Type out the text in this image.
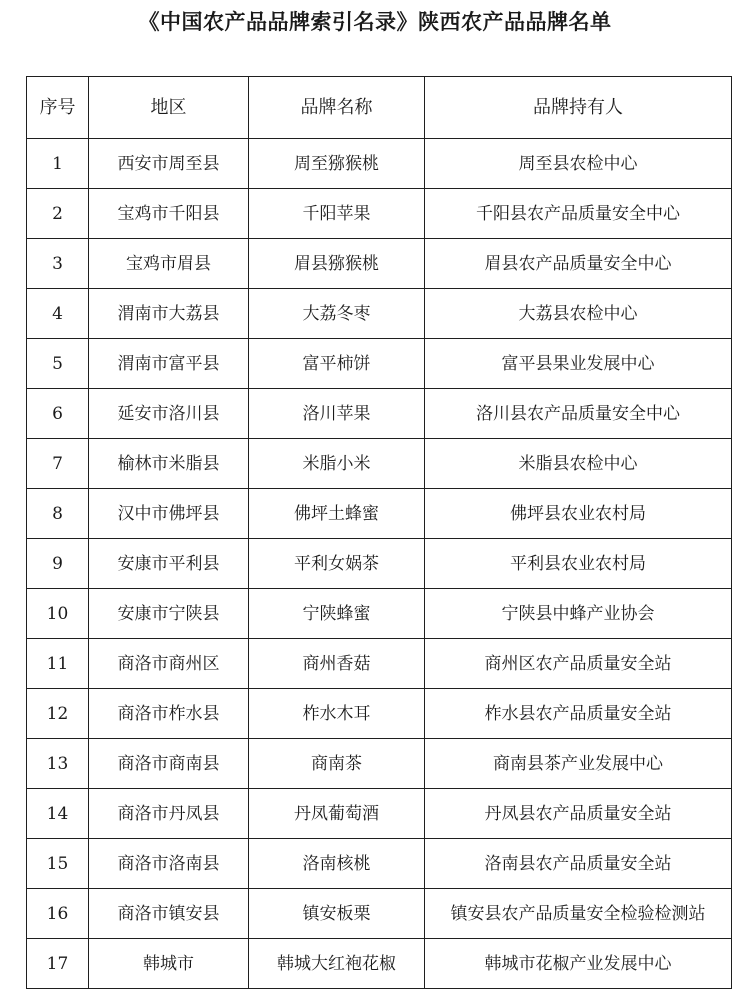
《中国农产品品牌索引名录》陕西农产品品牌名单
序号	地区	品牌名称	品牌持有人
1	西安市周至县	周至猕猴桃	周至县农检中心
2	宝鸡市千阳县	千阳苹果	千阳县农产品质量安全中心
3	宝鸡市眉县	眉县猕猴桃	眉县农产品质量安全中心
4	渭南市大荔县	大荔冬枣	大荔县农检中心
5	渭南市富平县	富平柿饼	富平县果业发展中心
6	延安市洛川县	洛川苹果	洛川县农产品质量安全中心
7	榆林市米脂县	米脂小米	米脂县农检中心
8	汉中市佛坪县	佛坪土蜂蜜	佛坪县农业农村局
9	安康市平利县	平利女娲茶	平利县农业农村局
10	安康市宁陕县	宁陕蜂蜜	宁陕县中蜂产业协会
11	商洛市商州区	商州香菇	商州区农产品质量安全站
12	商洛市柞水县	柞水木耳	柞水县农产品质量安全站
13	商洛市商南县	商南茶	商南县茶产业发展中心
14	商洛市丹凤县	丹凤葡萄酒	丹凤县农产品质量安全站
15	商洛市洛南县	洛南核桃	洛南县农产品质量安全站
16	商洛市镇安县	镇安板栗	镇安县农产品质量安全检验检测站
17	韩城市	韩城大红袍花椒	韩城市花椒产业发展中心
